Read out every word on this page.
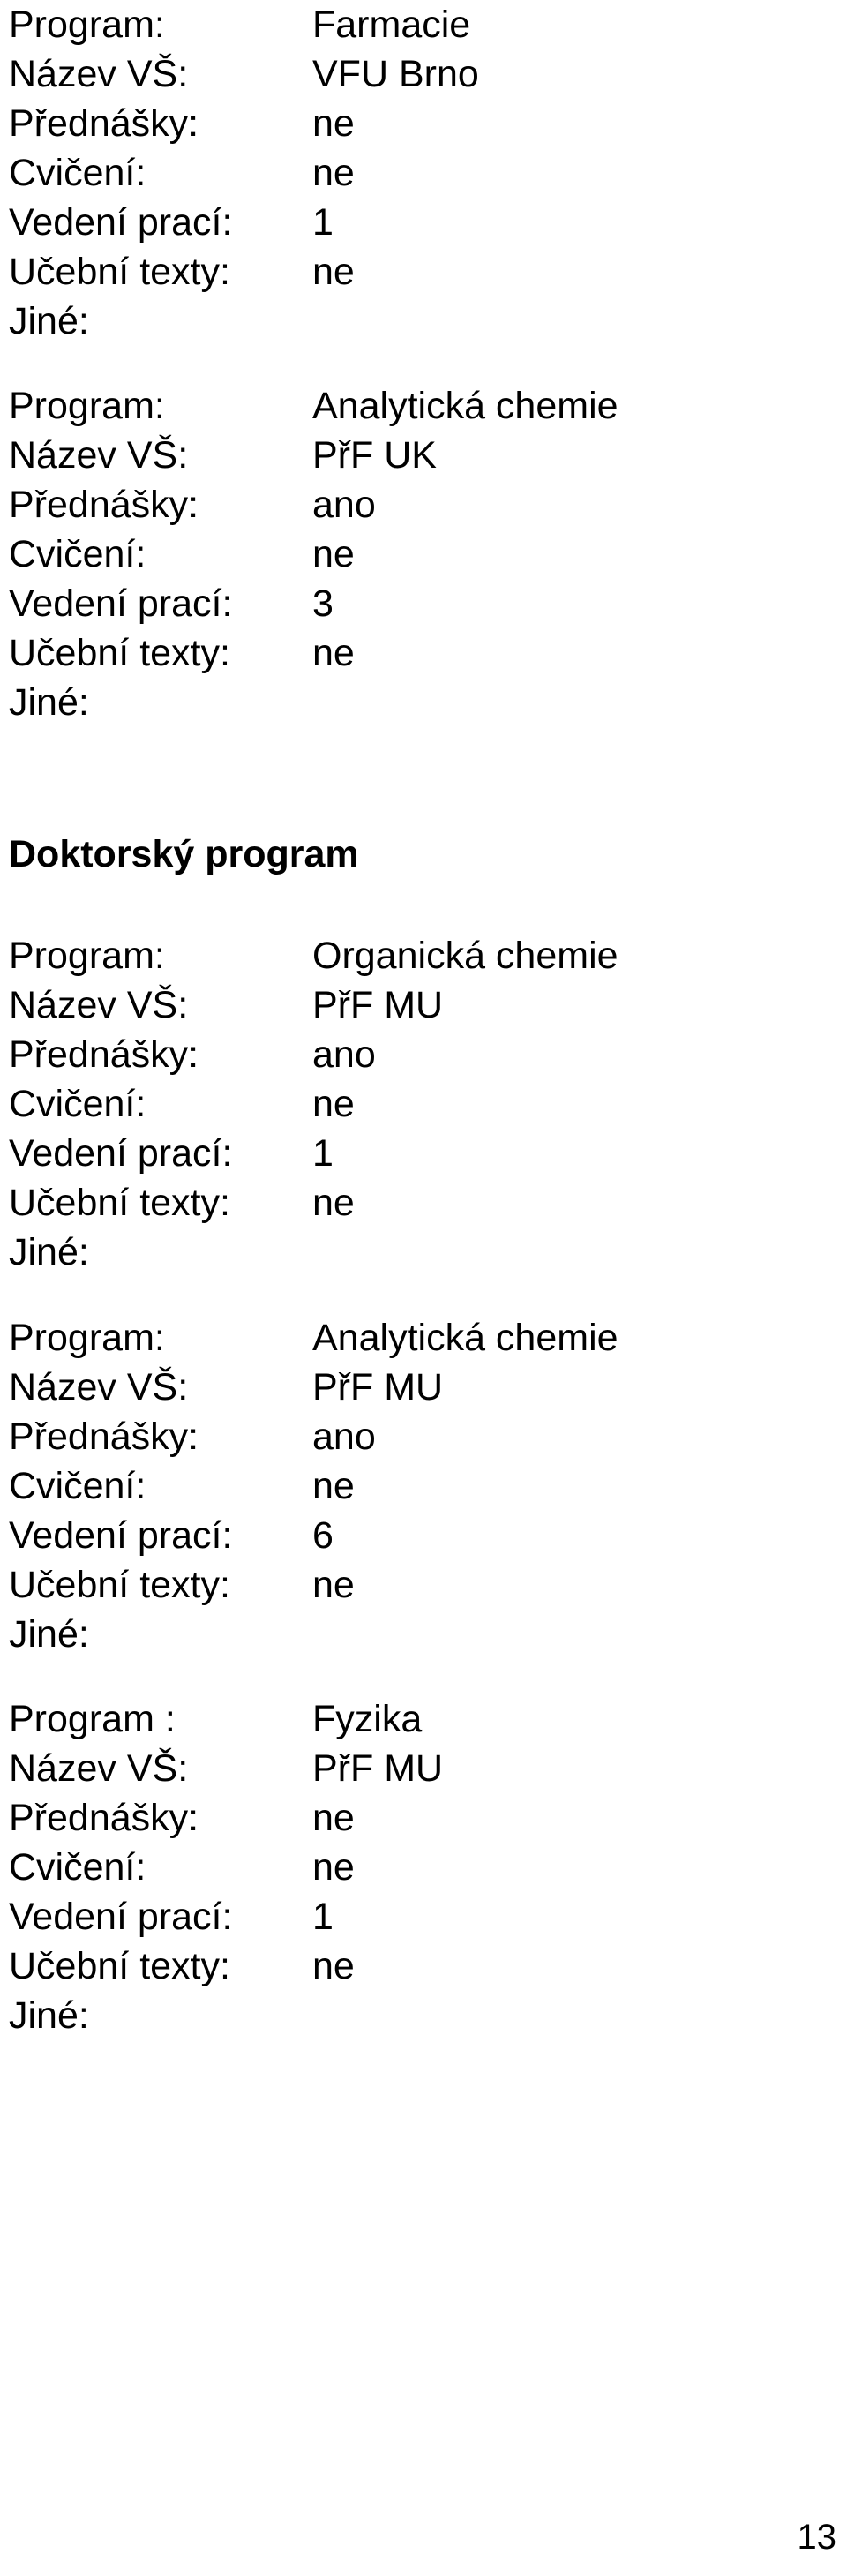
Program:	Farmacie
Název VŠ:	VFU Brno
Přednášky:	ne
Cvičení:	ne
Vedení prací: 1
Učební texty: ne
Jiné:
Program:	Analytická chemie
Název VŠ:	PřF UK
Přednášky:	ano
Cvičení:	ne
Vedení prací: 3
Učební texty: ne
Jiné:
Doktorský program
Program:	Organická chemie
Název VŠ:	PřF MU
Přednášky:	ano
Cvičení:	ne
Vedení prací: 1
Učební texty: ne
Jiné:
Program:	Analytická chemie
Název VŠ:	PřF MU
Přednášky:	ano
Cvičení:	ne
Vedení prací: 6
Učební texty: ne
Jiné:
Program :	Fyzika
Název VŠ:	PřF MU
Přednášky:	ne
Cvičení:	ne
Vedení prací: 1
Učební texty: ne
Jiné:
13
